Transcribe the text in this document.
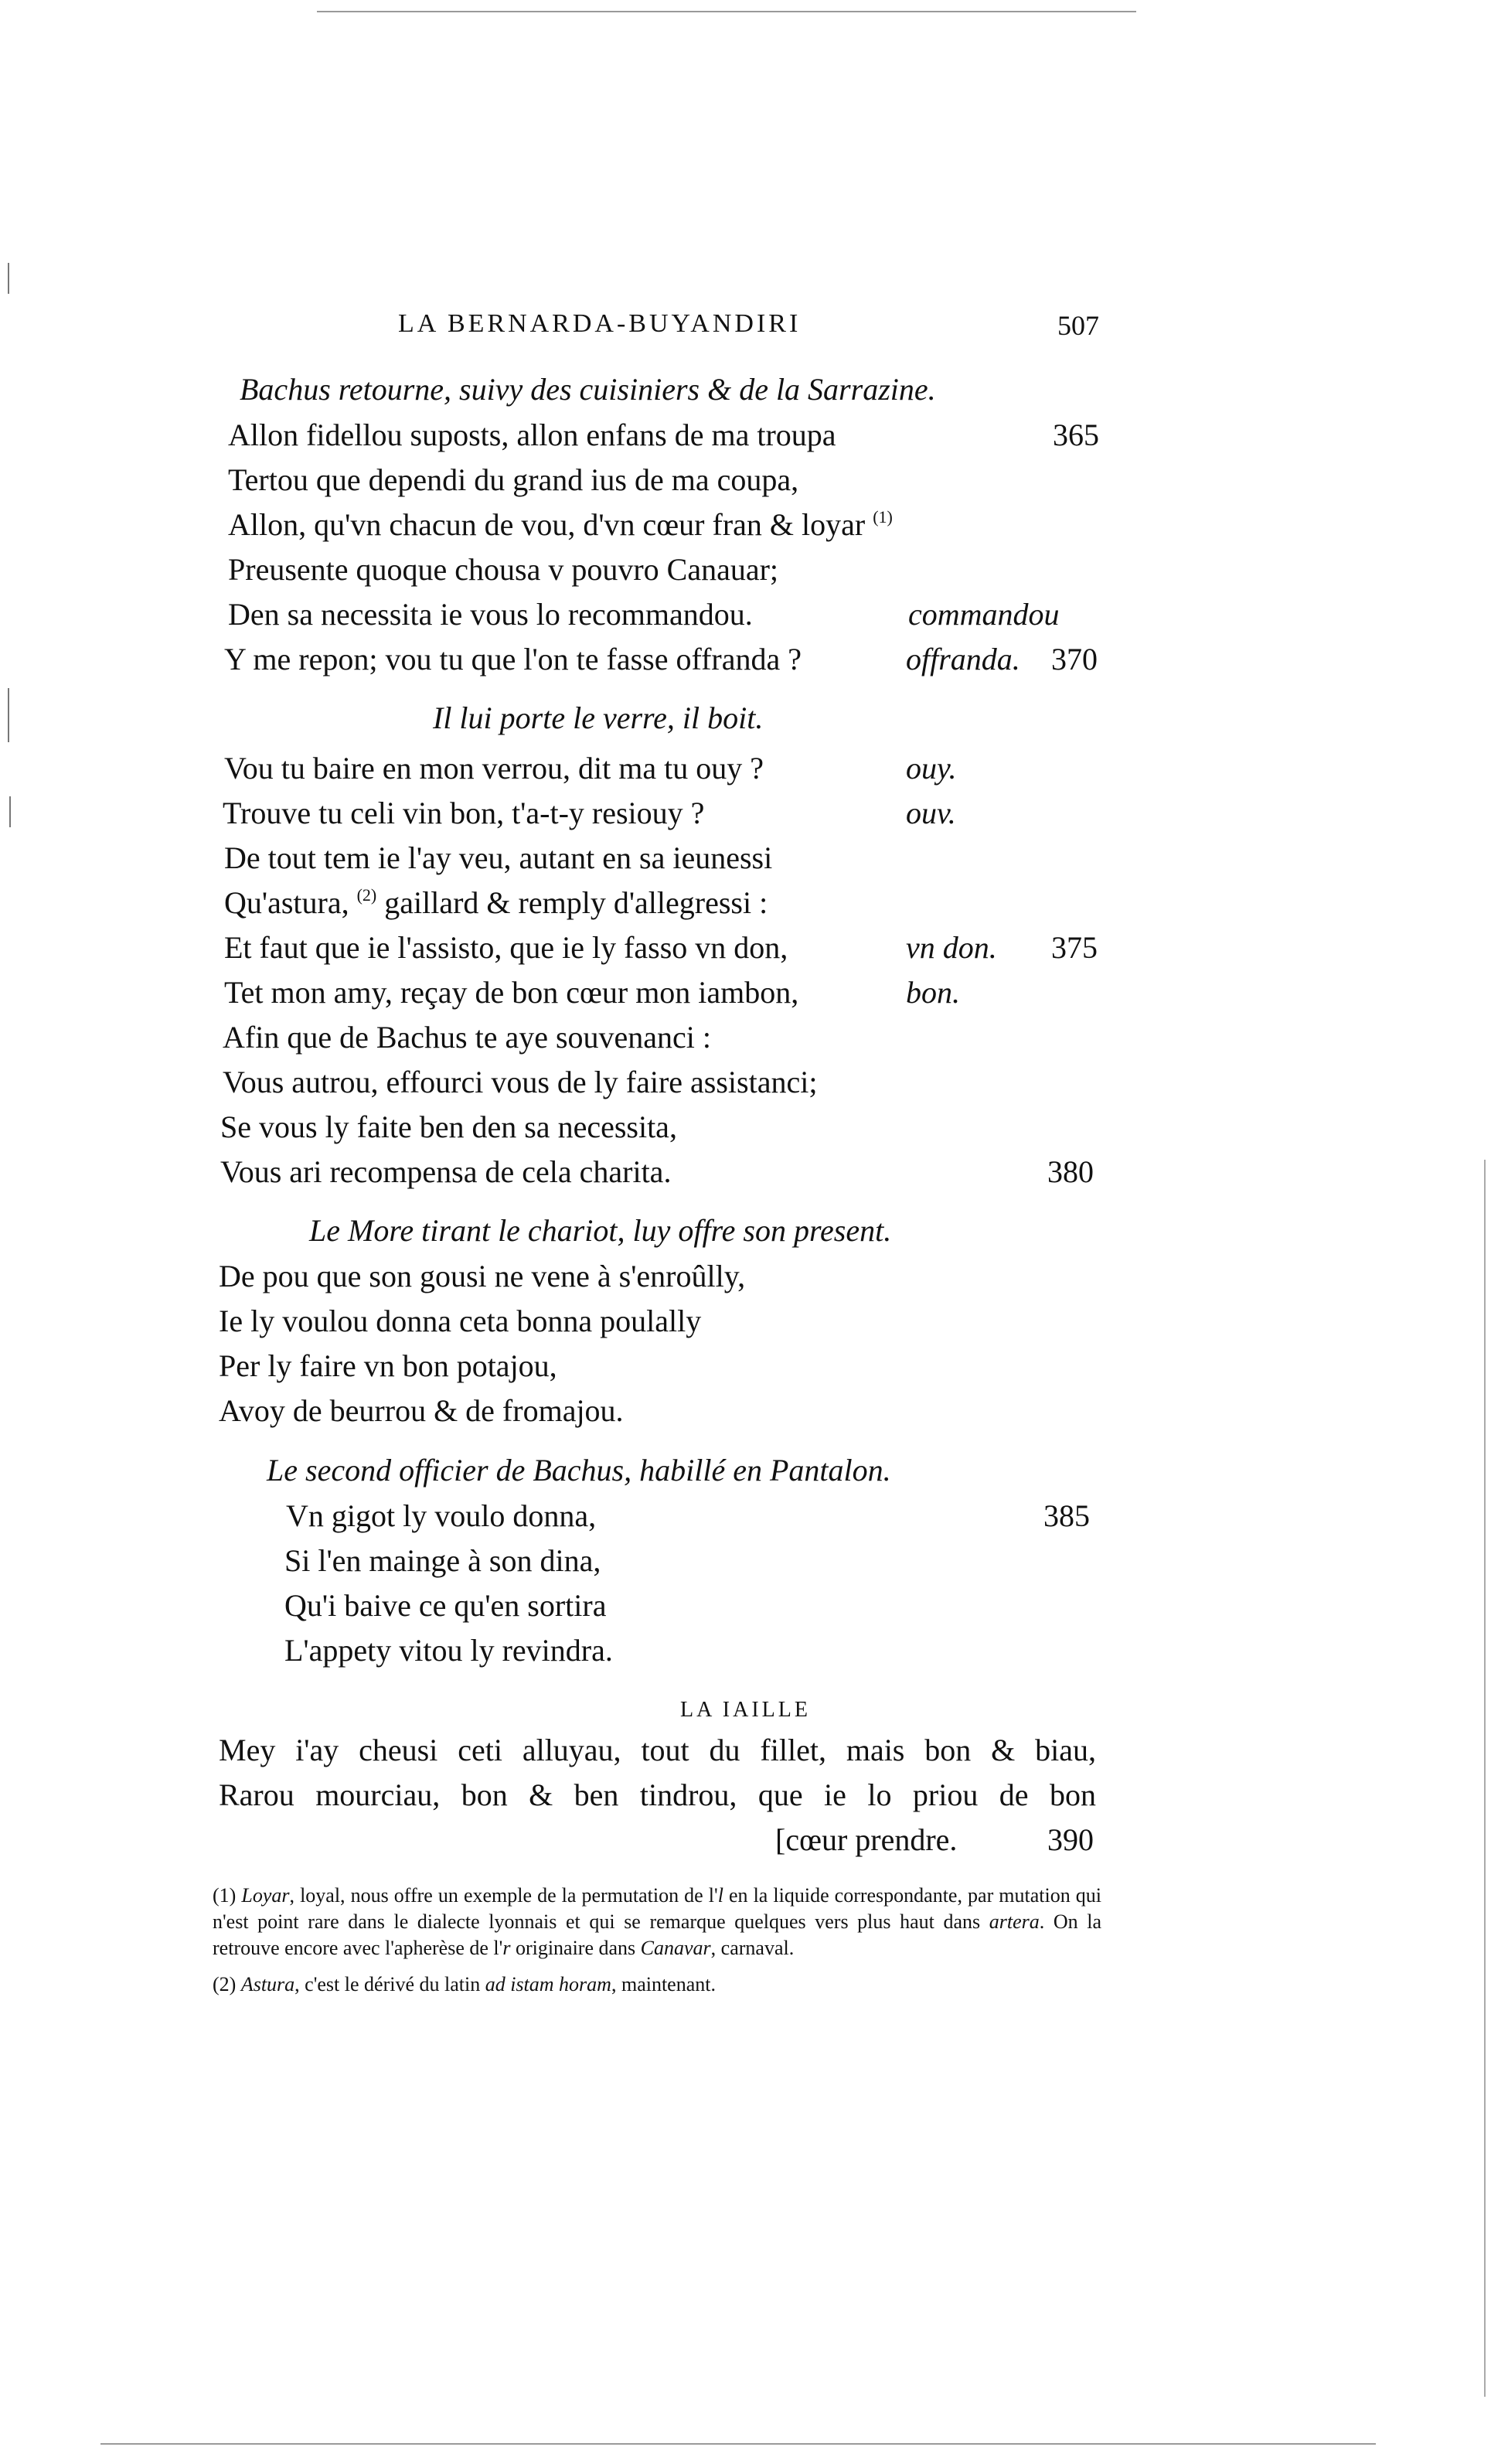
LA BERNARDA-BUYANDIRI	507
Bachus retourne, suivy des cuisiniers & de la Sarrazine.
Allon fidellou suposts, allon enfans de ma troupa	365
Tertou que dependi du grand ius de ma coupa,
Allon, qu'vn chacun de vou, d'vn cœur fran & loyar $^{(1)}$
Preusente quoque chousa v pouvro Canauar;
Den sa necessita ie vous lo recommandou.	commandou
Y me repon; vou tu que l'on te fasse offranda ?	offranda. 370
Il lui porte le verre, il boit.
Vou tu baire en mon verrou, dit ma tu ouy ?	ouy.
Trouve tu celi vin bon, t'a-t-y resiouy ?	ouv.
De tout tem ie l'ay veu, autant en sa ieunessi
Qu'astura, $^{(2)}$ gaillard & remply d'allegressi :
Et faut que ie l'assisto, que ie ly fasso vn don,	vn don. 375
Tet mon amy, reçay de bon cœur mon iambon,	bon.
Afin que de Bachus te aye souvenanci :
Vous autrou, effourci vous de ly faire assistanci;
Se vous ly faite ben den sa necessita,
Vous ari recompensa de cela charita.	380
Le More tirant le chariot, luy offre son present.
De pou que son gousi ne vene à s'enroûlly,
Ie ly voulou donna ceta bonna poulally
Per ly faire vn bon potajou,
Avoy de beurrou & de fromajou.
Le second officier de Bachus, habillé en Pantalon.
Vn gigot ly voulo donna,	385
Si l'en mainge à son dina,
Qu'i baive ce qu'en sortira
L'appety vitou ly revindra.
LA IAILLE
Mey i'ay cheusi ceti alluyau, tout du fillet, mais bon & biau,
Rarou mourciau, bon & ben tindrou, que ie lo priou de bon
[cœur prendre.	390
(1) Loyar, loyal, nous offre un exemple de la permutation de l'l en la liquide correspondante, par mutation qui n'est point rare dans le dialecte lyonnais et qui se remarque quelques vers plus haut dans artera. On la retrouve encore avec l'apherèse de l'r originaire dans Canavar, carnaval.
(2) Astura, c'est le dérivé du latin ad istam horam, maintenant.
